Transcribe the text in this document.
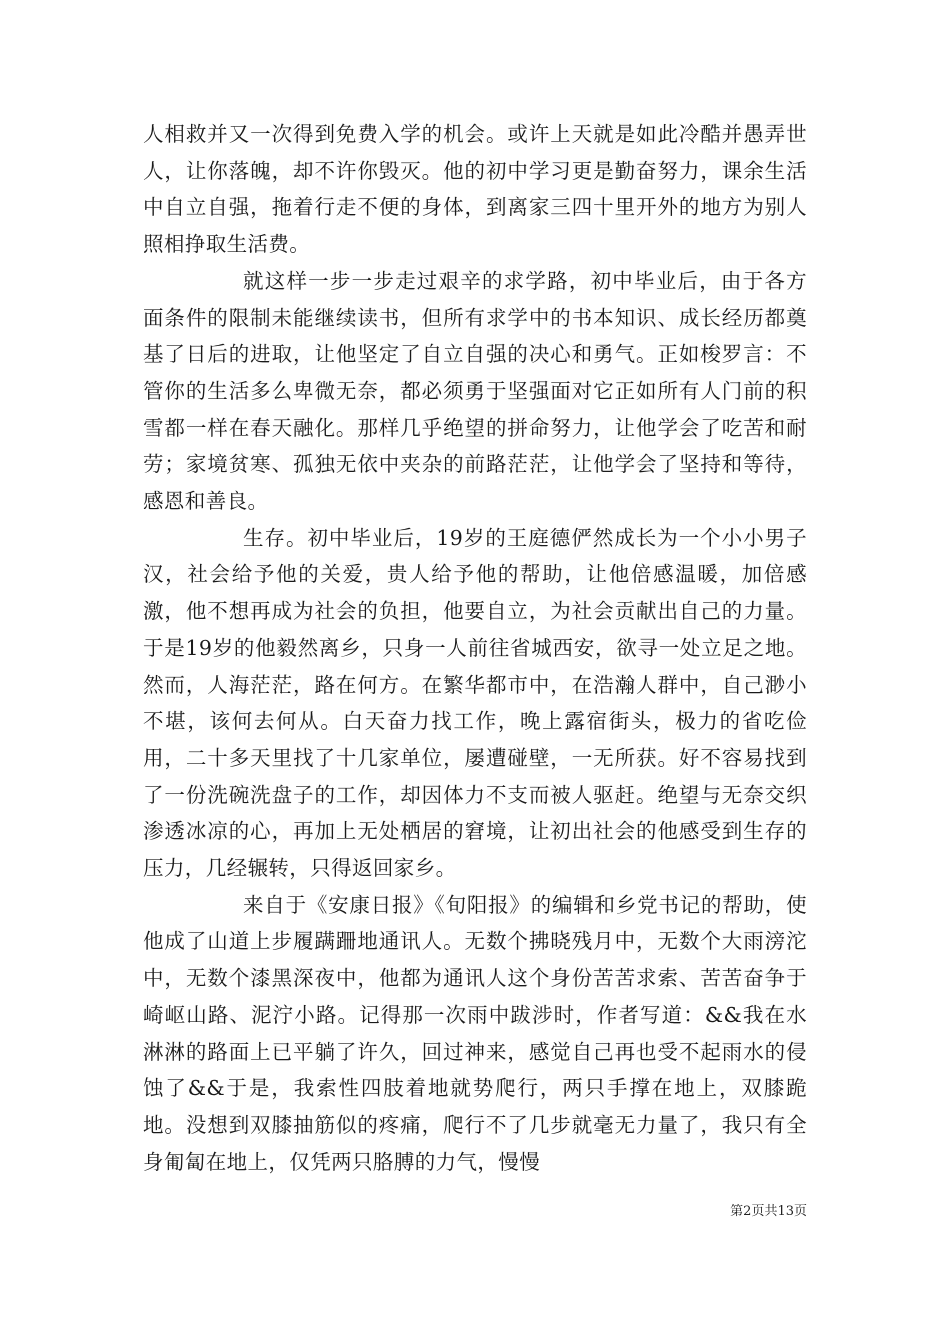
人相救并又一次得到免费入学的机会。或许上天就是如此冷酷并愚弄世人，让你落魄，却不许你毁灭。他的初中学习更是勤奋努力，课余生活中自立自强，拖着行走不便的身体，到离家三四十里开外的地方为别人照相挣取生活费。

就这样一步一步走过艰辛的求学路，初中毕业后，由于各方面条件的限制未能继续读书，但所有求学中的书本知识、成长经历都奠基了日后的进取，让他坚定了自立自强的决心和勇气。正如梭罗言：不管你的生活多么卑微无奈，都必须勇于坚强面对它正如所有人门前的积雪都一样在春天融化。那样几乎绝望的拼命努力，让他学会了吃苦和耐劳；家境贫寒、孤独无依中夹杂的前路茫茫，让他学会了坚持和等待，感恩和善良。

生存。初中毕业后，19岁的王庭德俨然成长为一个小小男子汉，社会给予他的关爱，贵人给予他的帮助，让他倍感温暖，加倍感激，他不想再成为社会的负担，他要自立，为社会贡献出自己的力量。于是19岁的他毅然离乡，只身一人前往省城西安，欲寻一处立足之地。然而，人海茫茫，路在何方。在繁华都市中，在浩瀚人群中，自己渺小不堪，该何去何从。白天奋力找工作，晚上露宿街头，极力的省吃俭用，二十多天里找了十几家单位，屡遭碰壁，一无所获。好不容易找到了一份洗碗洗盘子的工作，却因体力不支而被人驱赶。绝望与无奈交织渗透冰凉的心，再加上无处栖居的窘境，让初出社会的他感受到生存的压力，几经辗转，只得返回家乡。

来自于《安康日报》《旬阳报》的编辑和乡党书记的帮助，使他成了山道上步履蹒跚地通讯人。无数个拂晓残月中，无数个大雨滂沱中，无数个漆黑深夜中，他都为通讯人这个身份苦苦求索、苦苦奋争于崎岖山路、泥泞小路。记得那一次雨中跋涉时，作者写道：&&我在水淋淋的路面上已平躺了许久，回过神来，感觉自己再也受不起雨水的侵蚀了&&于是，我索性四肢着地就势爬行，两只手撑在地上，双膝跪地。没想到双膝抽筋似的疼痛，爬行不了几步就毫无力量了，我只有全身匍匐在地上，仅凭两只胳膊的力气，慢慢

第2页共13页
